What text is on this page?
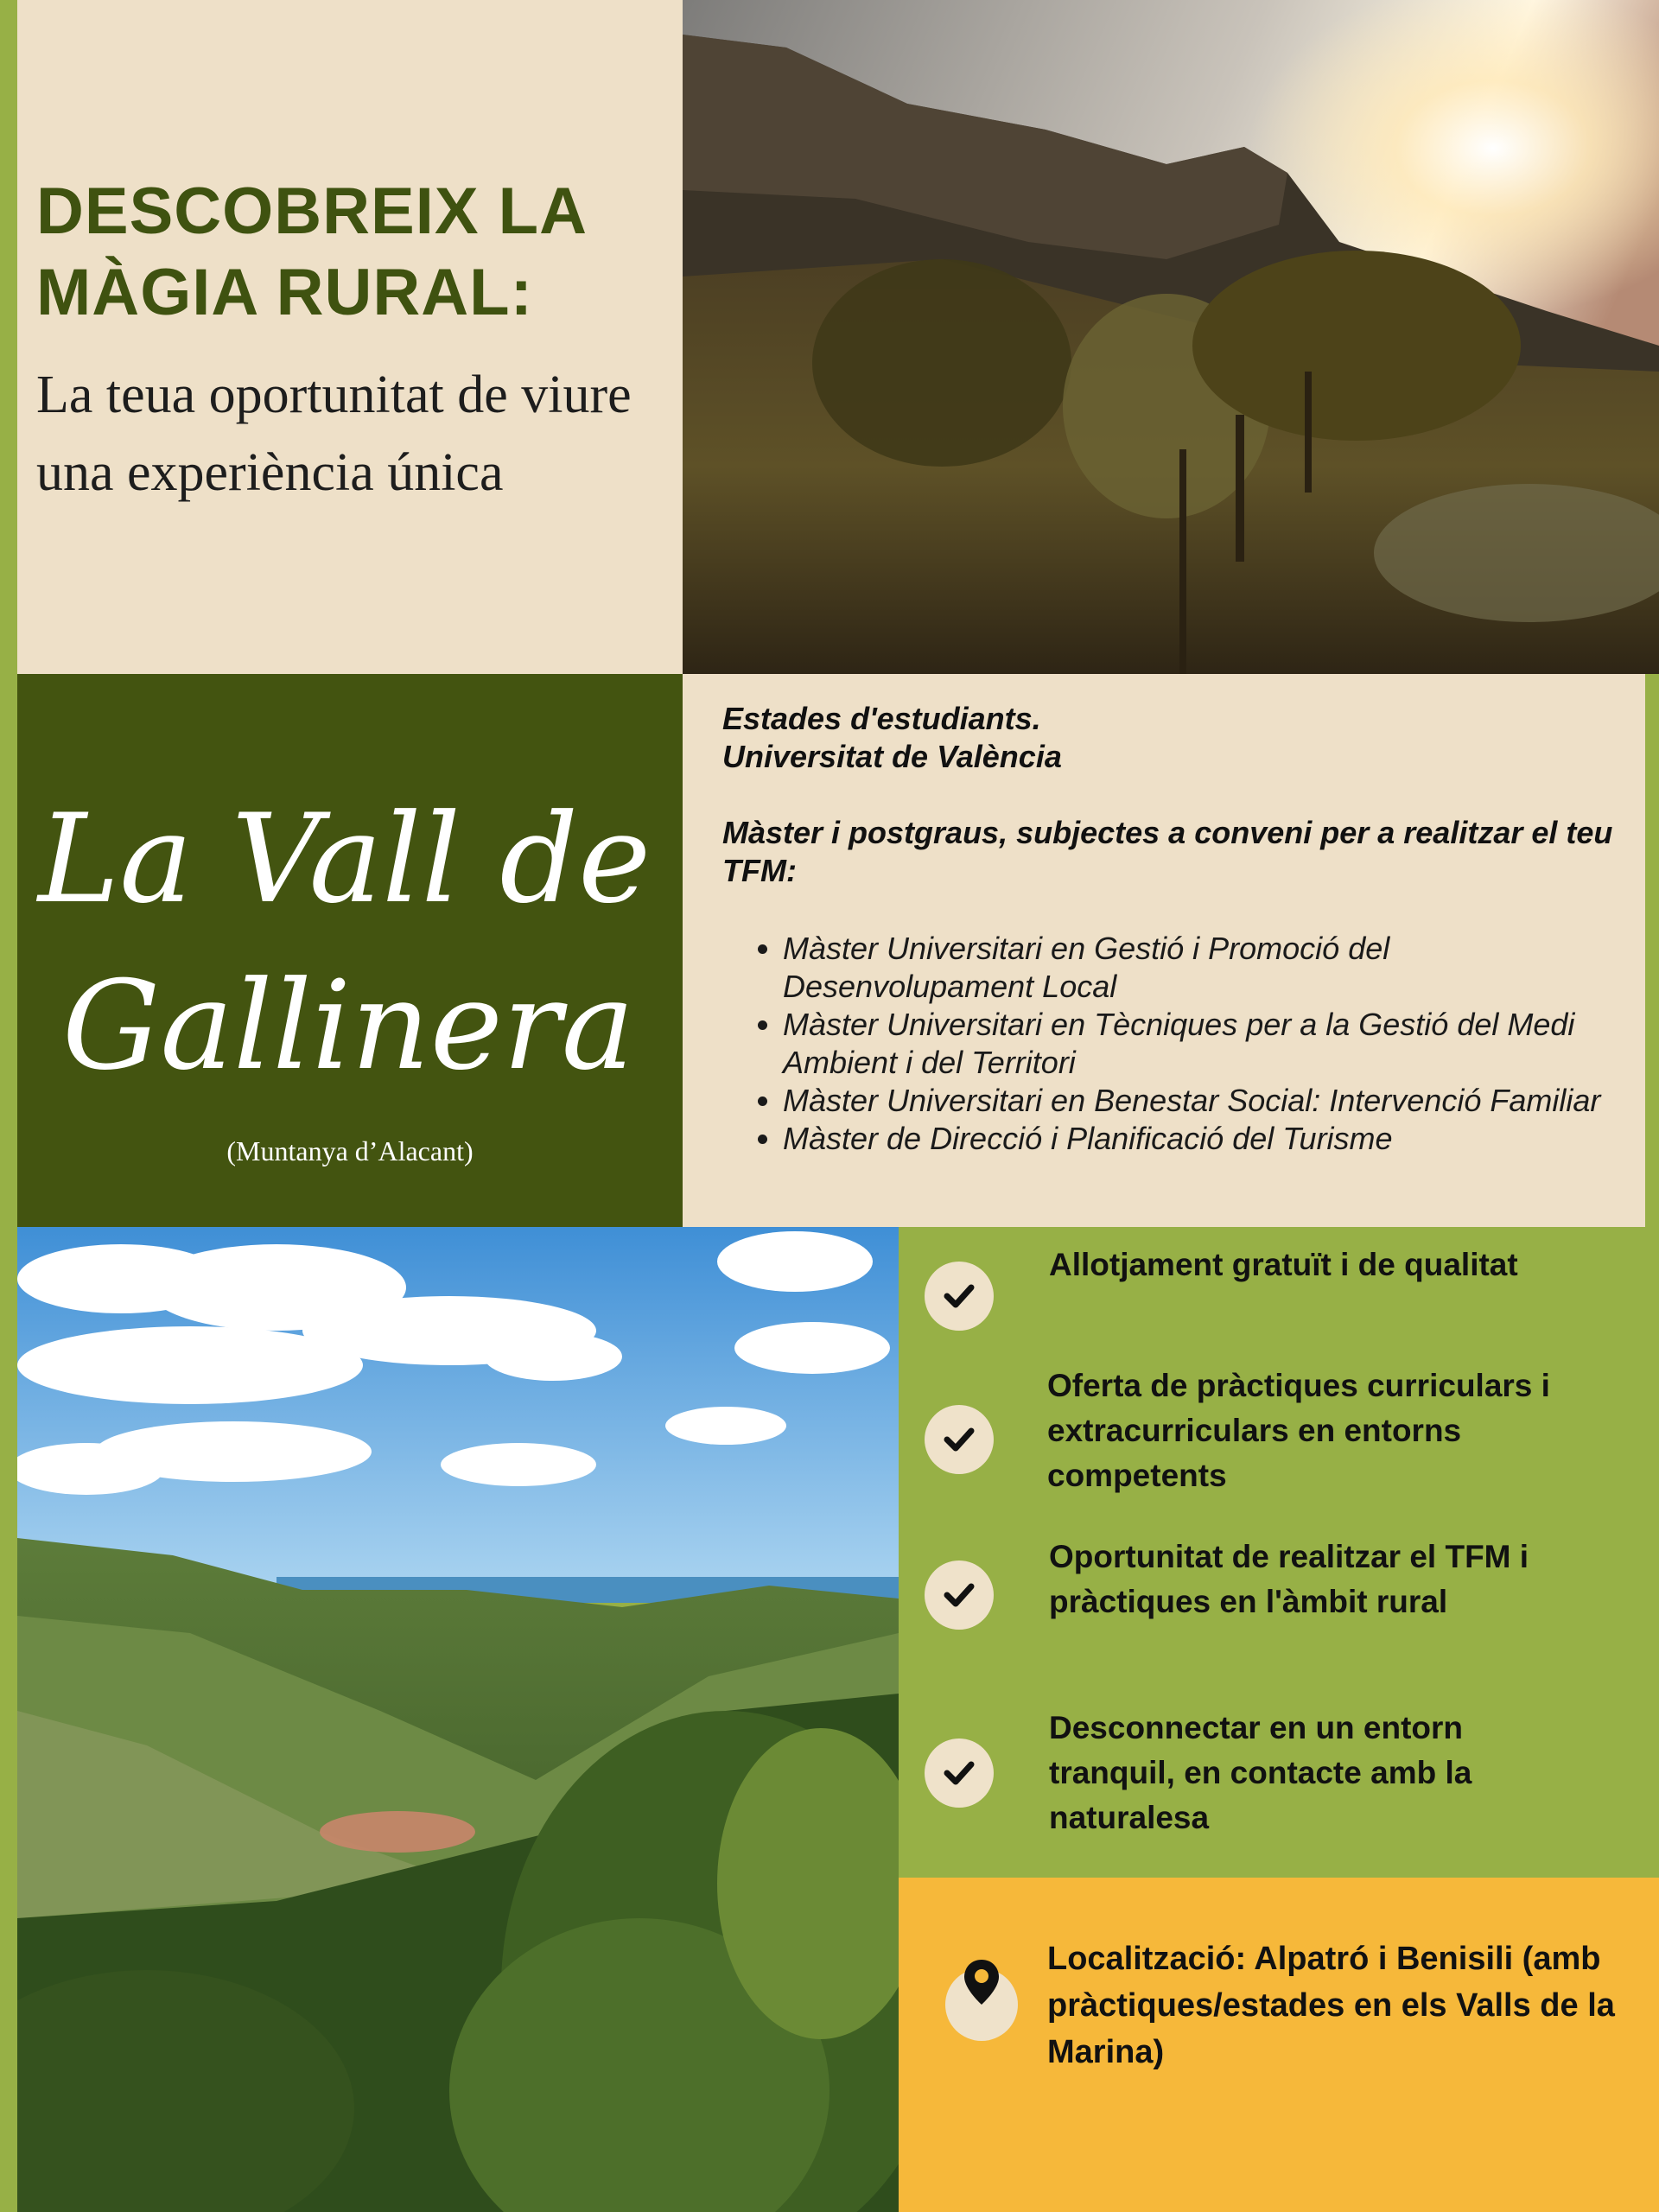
DESCOBREIX LA
MÀGIA RURAL:

La teua oportunitat de viure una experiència única

La Vall de
Gallinera
(Muntanya d’Alacant)

Estades d'estudiants.
Universitat de València

Màster i postgraus, subjectes a conveni per a realitzar el teu TFM:

• Màster Universitari en Gestió i Promoció del Desenvolupament Local
• Màster Universitari en Tècniques per a la Gestió del Medi Ambient i del Territori
• Màster Universitari en Benestar Social: Intervenció Familiar
• Màster de Direcció i Planificació del Turisme

Allotjament gratuït i de qualitat

Oferta de pràctiques curriculars i extracurriculars en entorns competents

Oportunitat de realitzar el TFM i pràctiques en l'àmbit rural

Desconnectar en un entorn tranquil, en contacte amb la naturalesa

Localització: Alpatró i Benisili (amb pràctiques/estades en els Valls de la Marina)
